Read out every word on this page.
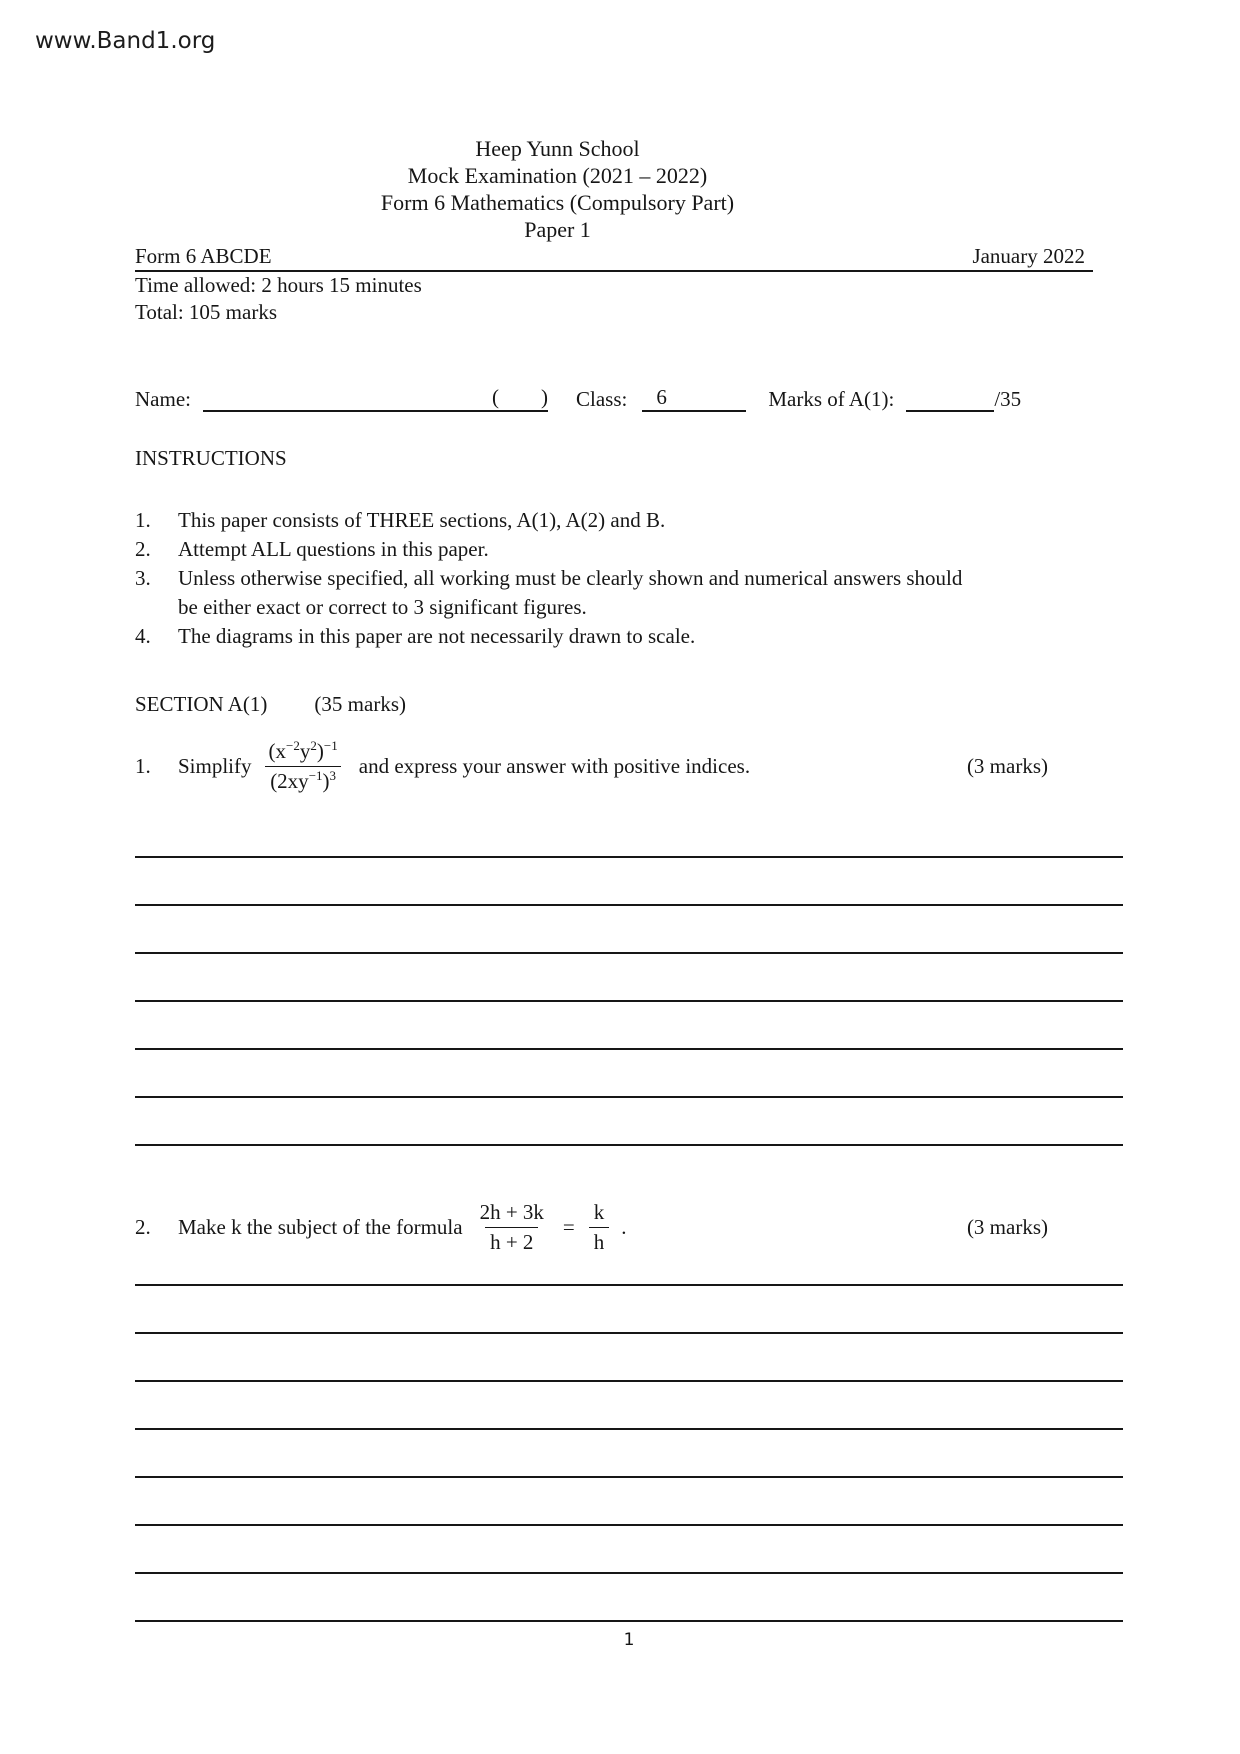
www.Band1.org
Heep Yunn School
Mock Examination (2021 – 2022)
Form 6 Mathematics (Compulsory Part)
Paper 1
Form 6 ABCDE	January 2022
Time allowed: 2 hours 15 minutes
Total: 105 marks
Name:	(        ) Class:	6	Marks of A(1):	/35
INSTRUCTIONS
1.	This paper consists of THREE sections, A(1), A(2) and B.
2.	Attempt ALL questions in this paper.
3.	Unless otherwise specified, all working must be clearly shown and numerical answers should be either exact or correct to 3 significant figures.
4.	The diagrams in this paper are not necessarily drawn to scale.
SECTION A(1) (35 marks)
1.	Simplify $\frac{(x^{-2}y^2)^{-1}}{(2xy^{-1})^3}$ and express your answer with positive indices.	(3 marks)
2.	Make k the subject of the formula $\frac{2h + 3k}{h + 2} = \frac{k}{h}$ .	(3 marks)
1
